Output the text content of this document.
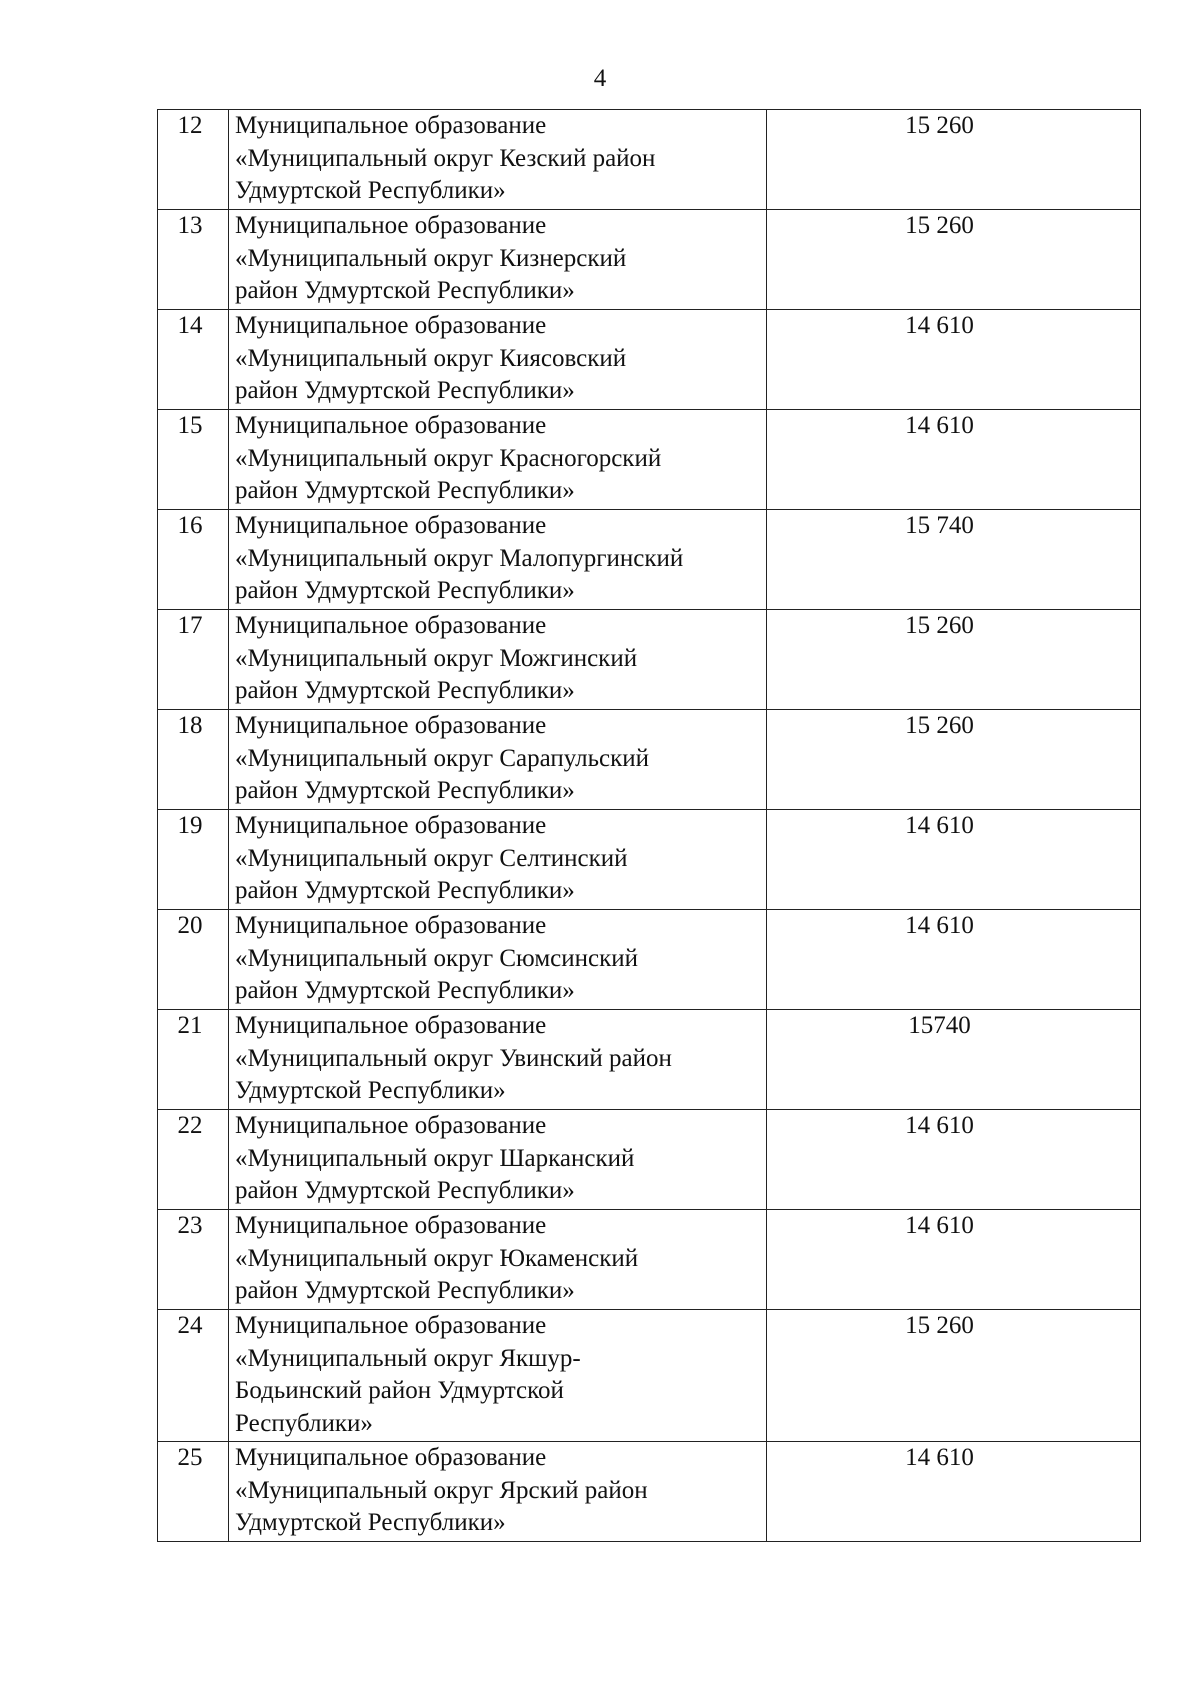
4
12	Муниципальное образование
«Муниципальный округ Кезский район
Удмуртской Республики»	15 260
13	Муниципальное образование
«Муниципальный округ Кизнерский
район Удмуртской Республики»	15 260
14	Муниципальное образование
«Муниципальный округ Киясовский
район Удмуртской Республики»	14 610
15	Муниципальное образование
«Муниципальный округ Красногорский
район Удмуртской Республики»	14 610
16	Муниципальное образование
«Муниципальный округ Малопургинский
район Удмуртской Республики»	15 740
17	Муниципальное образование
«Муниципальный округ Можгинский
район Удмуртской Республики»	15 260
18	Муниципальное образование
«Муниципальный округ Сарапульский
район Удмуртской Республики»	15 260
19	Муниципальное образование
«Муниципальный округ Селтинский
район Удмуртской Республики»	14 610
20	Муниципальное образование
«Муниципальный округ Сюмсинский
район Удмуртской Республики»	14 610
21	Муниципальное образование
«Муниципальный округ Увинский район
Удмуртской Республики»	15740
22	Муниципальное образование
«Муниципальный округ Шарканский
район Удмуртской Республики»	14 610
23	Муниципальное образование
«Муниципальный округ Юкаменский
район Удмуртской Республики»	14 610
24	Муниципальное образование
«Муниципальный округ Якшур-
Бодьинский район Удмуртской
Республики»	15 260
25	Муниципальное образование
«Муниципальный округ Ярский район
Удмуртской Республики»	14 610
